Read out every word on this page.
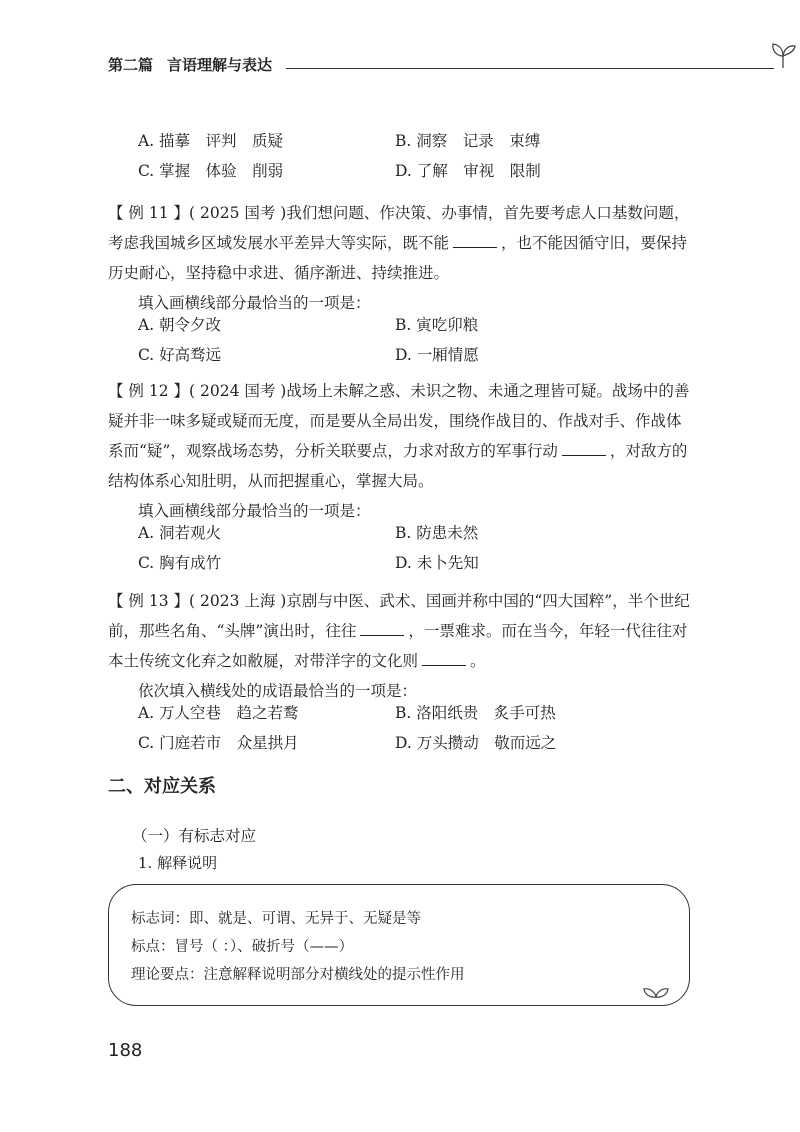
第二篇 言语理解与表达
A. 描摹　评判　质疑	B. 洞察　记录　束缚
C. 掌握　体验　削弱	D. 了解　审视　限制
【 例 11 】( 2025 国考 )我们想问题、作决策、办事情，首先要考虑人口基数问题，考虑我国城乡区域发展水平差异大等实际，既不能	，也不能因循守旧，要保持历史耐心，坚持稳中求进、循序渐进、持续推进。
填入画横线部分最恰当的一项是：
A. 朝令夕改	B. 寅吃卯粮
C. 好高骛远	D. 一厢情愿
【 例 12 】( 2024 国考 )战场上未解之惑、未识之物、未通之理皆可疑。战场中的善疑并非一味多疑或疑而无度，而是要从全局出发，围绕作战目的、作战对手、作战体系而“疑”，观察战场态势，分析关联要点，力求对敌方的军事行动	，对敌方的结构体系心知肚明，从而把握重心，掌握大局。
填入画横线部分最恰当的一项是：
A. 洞若观火	B. 防患未然
C. 胸有成竹	D. 未卜先知
【 例 13 】( 2023 上海 )京剧与中医、武术、国画并称中国的“四大国粹”，半个世纪前，那些名角、“头牌”演出时，往往	，一票难求。而在当今，年轻一代往往对本土传统文化弃之如敝屣，对带洋字的文化则	。
依次填入横线处的成语最恰当的一项是：
A. 万人空巷　趋之若鹜	B. 洛阳纸贵　炙手可热
C. 门庭若市　众星拱月	D. 万头攒动　敬而远之
二、对应关系
（一）有标志对应
1. 解释说明
标志词：即、就是、可谓、无异于、无疑是等
标点：冒号（ ：）、破折号（——）
理论要点：注意解释说明部分对横线处的提示性作用
188
